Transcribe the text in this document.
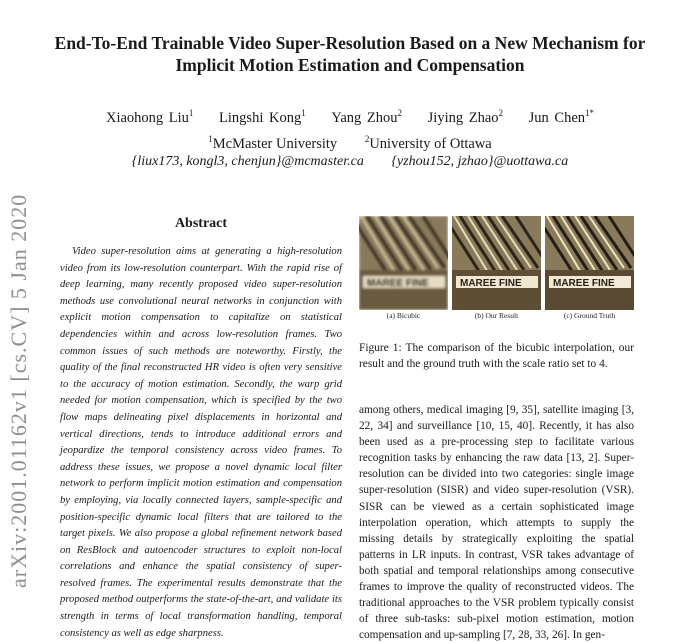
End-To-End Trainable Video Super-Resolution Based on a New Mechanism for
Implicit Motion Estimation and Compensation
Xiaohong Liu$^1$ Lingshi Kong$^1$ Yang Zhou$^2$ Jiying Zhao$^2$ Jun Chen$^{1*}$
$^1$McMaster University	$^2$University of Ottawa
{liux173, kongl3, chenjun}@mcmaster.ca {yzhou152, jzhao}@uottawa.ca
arXiv:2001.01162v1 [cs.CV] 5 Jan 2020	Abstract

Video super-resolution aims at generating a high-resolution video from its low-resolution counterpart. With the rapid rise of deep learning, many recently proposed video super-resolution methods use convolutional neural networks in conjunction with explicit motion compensation to capitalize on statistical dependencies within and across low-resolution frames. Two common issues of such methods are noteworthy. Firstly, the quality of the final reconstructed HR video is often very sensitive to the accuracy of motion estimation. Secondly, the warp grid needed for motion compensation, which is specified by the two flow maps delineating pixel displacements in horizontal and vertical directions, tends to introduce additional errors and jeopardize the temporal consistency across video frames. To address these issues, we propose a novel dynamic local filter network to perform implicit motion estimation and compensation by employing, via locally connected layers, sample-specific and position-specific dynamic local filters that are tailored to the target pixels. We also propose a global refinement network based on ResBlock and autoencoder structures to exploit non-local correlations and enhance the spatial consistency of super-resolved frames. The experimental results demonstrate that the proposed method outperforms the state-of-the-art, and validate its strength in terms of local transformation handling, temporal consistency as well as edge sharpness.

MAREE FINE	MAREE FINE	MAREE FINE
(a) Bicubic	(b) Our Result	(c) Ground Truth

Figure 1: The comparison of the bicubic interpolation, our result and the ground truth with the scale ratio set to 4.

among others, medical imaging [9, 35], satellite imaging [3, 22, 34] and surveillance [10, 15, 40]. Recently, it has also been used as a pre-processing step to facilitate various recognition tasks by enhancing the raw data [13, 2]. Super-resolution can be divided into two categories: single image super-resolution (SISR) and video super-resolution (VSR). SISR can be viewed as a certain sophisticated image interpolation operation, which attempts to supply the missing details by strategically exploiting the spatial patterns in LR inputs. In contrast, VSR takes advantage of both spatial and temporal relationships among consecutive frames to improve the quality of reconstructed videos. The traditional approaches to the VSR problem typically consist of three sub-tasks: sub-pixel motion estimation, motion compensation and up-sampling [7, 28, 33, 26]. In gen-
